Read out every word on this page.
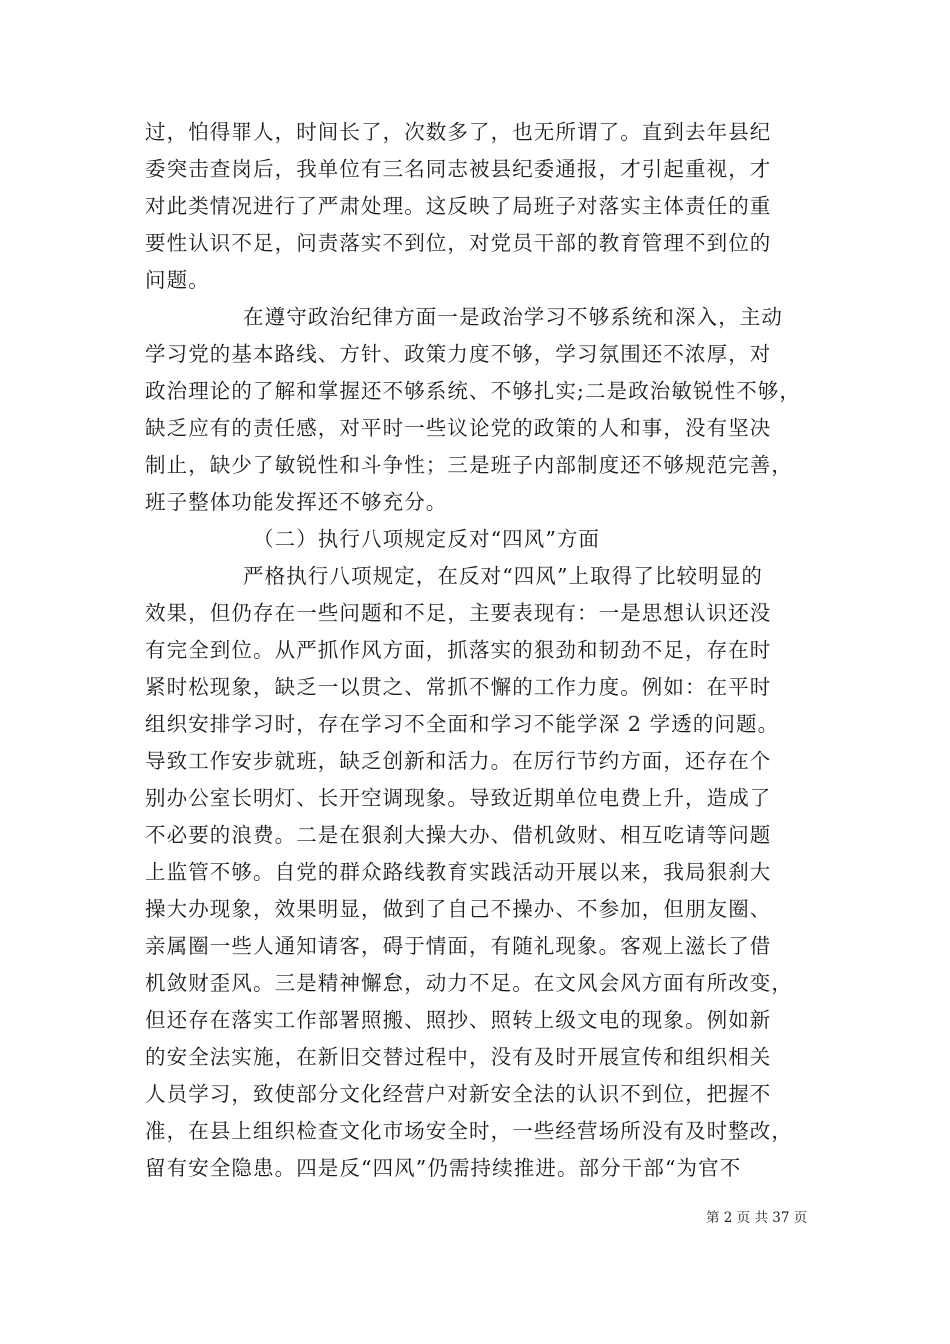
过，怕得罪人，时间长了，次数多了，也无所谓了。直到去年县纪
委突击查岗后，我单位有三名同志被县纪委通报，才引起重视，才
对此类情况进行了严肃处理。这反映了局班子对落实主体责任的重
要性认识不足，问责落实不到位，对党员干部的教育管理不到位的
问题。
在遵守政治纪律方面一是政治学习不够系统和深入，主动
学习党的基本路线、方针、政策力度不够，学习氛围还不浓厚，对
政治理论的了解和掌握还不够系统、不够扎实;二是政治敏锐性不够，
缺乏应有的责任感，对平时一些议论党的政策的人和事，没有坚决
制止，缺少了敏锐性和斗争性；三是班子内部制度还不够规范完善，
班子整体功能发挥还不够充分。
（二）执行八项规定反对“四风”方面
严格执行八项规定，在反对“四风”上取得了比较明显的
效果，但仍存在一些问题和不足，主要表现有：一是思想认识还没
有完全到位。从严抓作风方面，抓落实的狠劲和韧劲不足，存在时
紧时松现象，缺乏一以贯之、常抓不懈的工作力度。例如：在平时
组织安排学习时，存在学习不全面和学习不能学深 2 学透的问题。
导致工作安步就班，缺乏创新和活力。在厉行节约方面，还存在个
别办公室长明灯、长开空调现象。导致近期单位电费上升，造成了
不必要的浪费。二是在狠刹大操大办、借机敛财、相互吃请等问题
上监管不够。自党的群众路线教育实践活动开展以来，我局狠刹大
操大办现象，效果明显，做到了自己不操办、不参加，但朋友圈、
亲属圈一些人通知请客，碍于情面，有随礼现象。客观上滋长了借
机敛财歪风。三是精神懈怠，动力不足。在文风会风方面有所改变，
但还存在落实工作部署照搬、照抄、照转上级文电的现象。例如新
的安全法实施，在新旧交替过程中，没有及时开展宣传和组织相关
人员学习，致使部分文化经营户对新安全法的认识不到位，把握不
准，在县上组织检查文化市场安全时，一些经营场所没有及时整改，
留有安全隐患。四是反“四风”仍需持续推进。部分干部“为官不
第 2 页 共 37 页
